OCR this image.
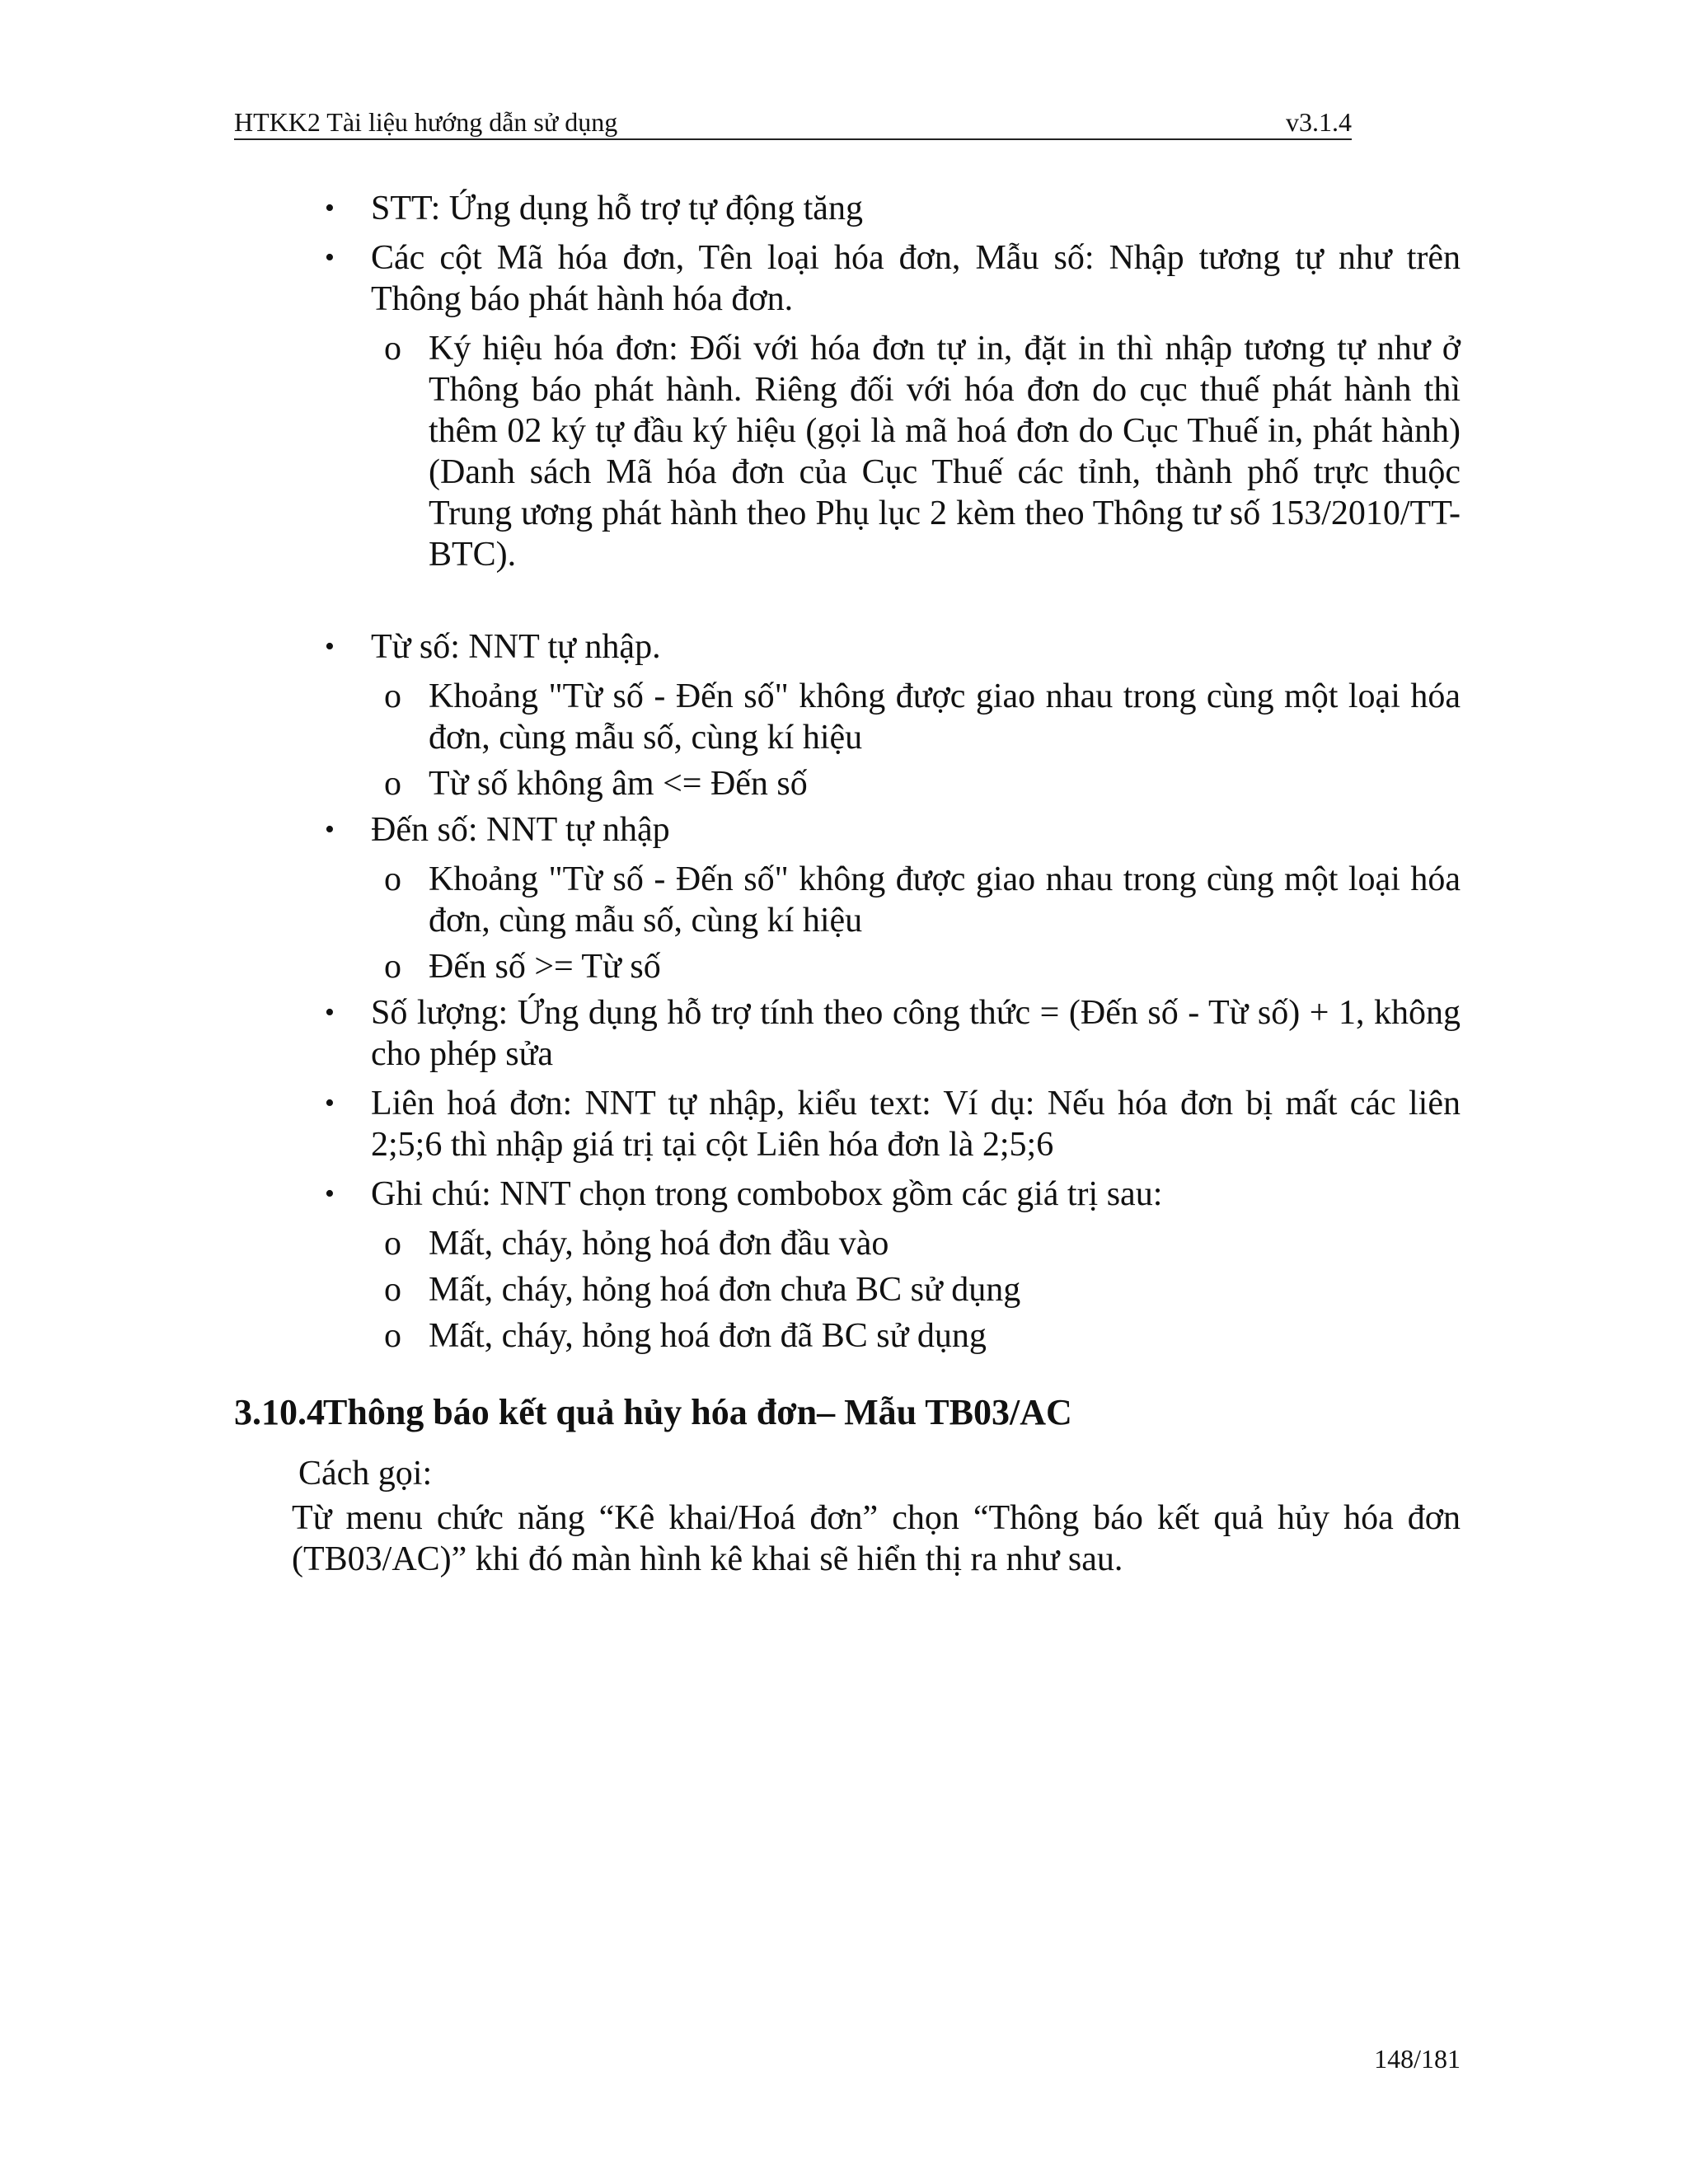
HTKK2 Tài liệu hướng dẫn sử dụng	v3.1.4
• STT: Ứng dụng hỗ trợ tự động tăng
• Các cột Mã hóa đơn, Tên loại hóa đơn, Mẫu số: Nhập tương tự như trên Thông báo phát hành hóa đơn.
o Ký hiệu hóa đơn: Đối với hóa đơn tự in, đặt in thì nhập tương tự như ở Thông báo phát hành. Riêng đối với hóa đơn do cục thuế phát hành thì thêm 02 ký tự đầu ký hiệu (gọi là mã hoá đơn do Cục Thuế in, phát hành) (Danh sách Mã hóa đơn của Cục Thuế các tỉnh, thành phố trực thuộc Trung ương phát hành theo Phụ lục 2 kèm theo Thông tư số 153/2010/TT-BTC).
• Từ số: NNT tự nhập.
o Khoảng "Từ số - Đến số" không được giao nhau trong cùng một loại hóa đơn, cùng mẫu số, cùng kí hiệu
o Từ số không âm <= Đến số
• Đến số: NNT tự nhập
o Khoảng "Từ số - Đến số" không được giao nhau trong cùng một loại hóa đơn, cùng mẫu số, cùng kí hiệu
o Đến số >= Từ số
• Số lượng: Ứng dụng hỗ trợ tính theo công thức = (Đến số - Từ số) + 1, không cho phép sửa
• Liên hoá đơn: NNT tự nhập, kiểu text: Ví dụ: Nếu hóa đơn bị mất các liên 2;5;6 thì nhập giá trị tại cột Liên hóa đơn là 2;5;6
• Ghi chú: NNT chọn trong combobox gồm các giá trị sau:
o Mất, cháy, hỏng hoá đơn đầu vào
o Mất, cháy, hỏng hoá đơn chưa BC sử dụng
o Mất, cháy, hỏng hoá đơn đã BC sử dụng
3.10.4Thông báo kết quả hủy hóa đơn– Mẫu TB03/AC
Cách gọi:
Từ menu chức năng “Kê khai/Hoá đơn” chọn “Thông báo kết quả hủy hóa đơn (TB03/AC)” khi đó màn hình kê khai sẽ hiển thị ra như sau.
148/181
